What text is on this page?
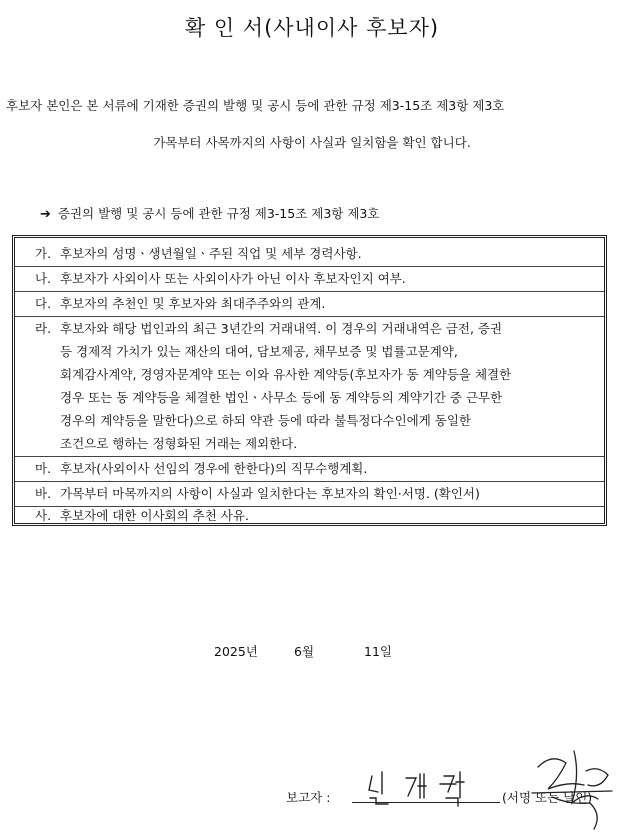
확 인 서(사내이사 후보자)
후보자 본인은 본 서류에 기재한 증권의 발행 및 공시 등에 관한 규정 제3-15조 제3항 제3호
가목부터 사목까지의 사항이 사실과 일치함을 확인 합니다.
➔ 증권의 발행 및 공시 등에 관한 규정 제3-15조 제3항 제3호
가. 후보자의 성명ㆍ생년월일ㆍ주된 직업 및 세부 경력사항.
나. 후보자가 사외이사 또는 사외이사가 아닌 이사 후보자인지 여부.
다. 후보자의 추천인 및 후보자와 최대주주와의 관계.
라. 후보자와 해당 법인과의 최근 3년간의 거래내역. 이 경우의 거래내역은 금전, 증권
등 경제적 가치가 있는 재산의 대여, 담보제공, 채무보증 및 법률고문계약,
회계감사계약, 경영자문계약 또는 이와 유사한 계약등(후보자가 동 계약등을 체결한
경우 또는 동 계약등을 체결한 법인ㆍ사무소 등에 동 계약등의 계약기간 중 근무한
경우의 계약등을 말한다)으로 하되 약관 등에 따라 불특정다수인에게 동일한
조건으로 행하는 정형화된 거래는 제외한다.
마. 후보자(사외이사 선임의 경우에 한한다)의 직무수행계획.
바. 가목부터 마목까지의 사항이 사실과 일치한다는 후보자의 확인·서명. (확인서)
사. 후보자에 대한 이사회의 추천 사유.
2025년	6월	11일
보고자 :	(서명 또는 날인)
